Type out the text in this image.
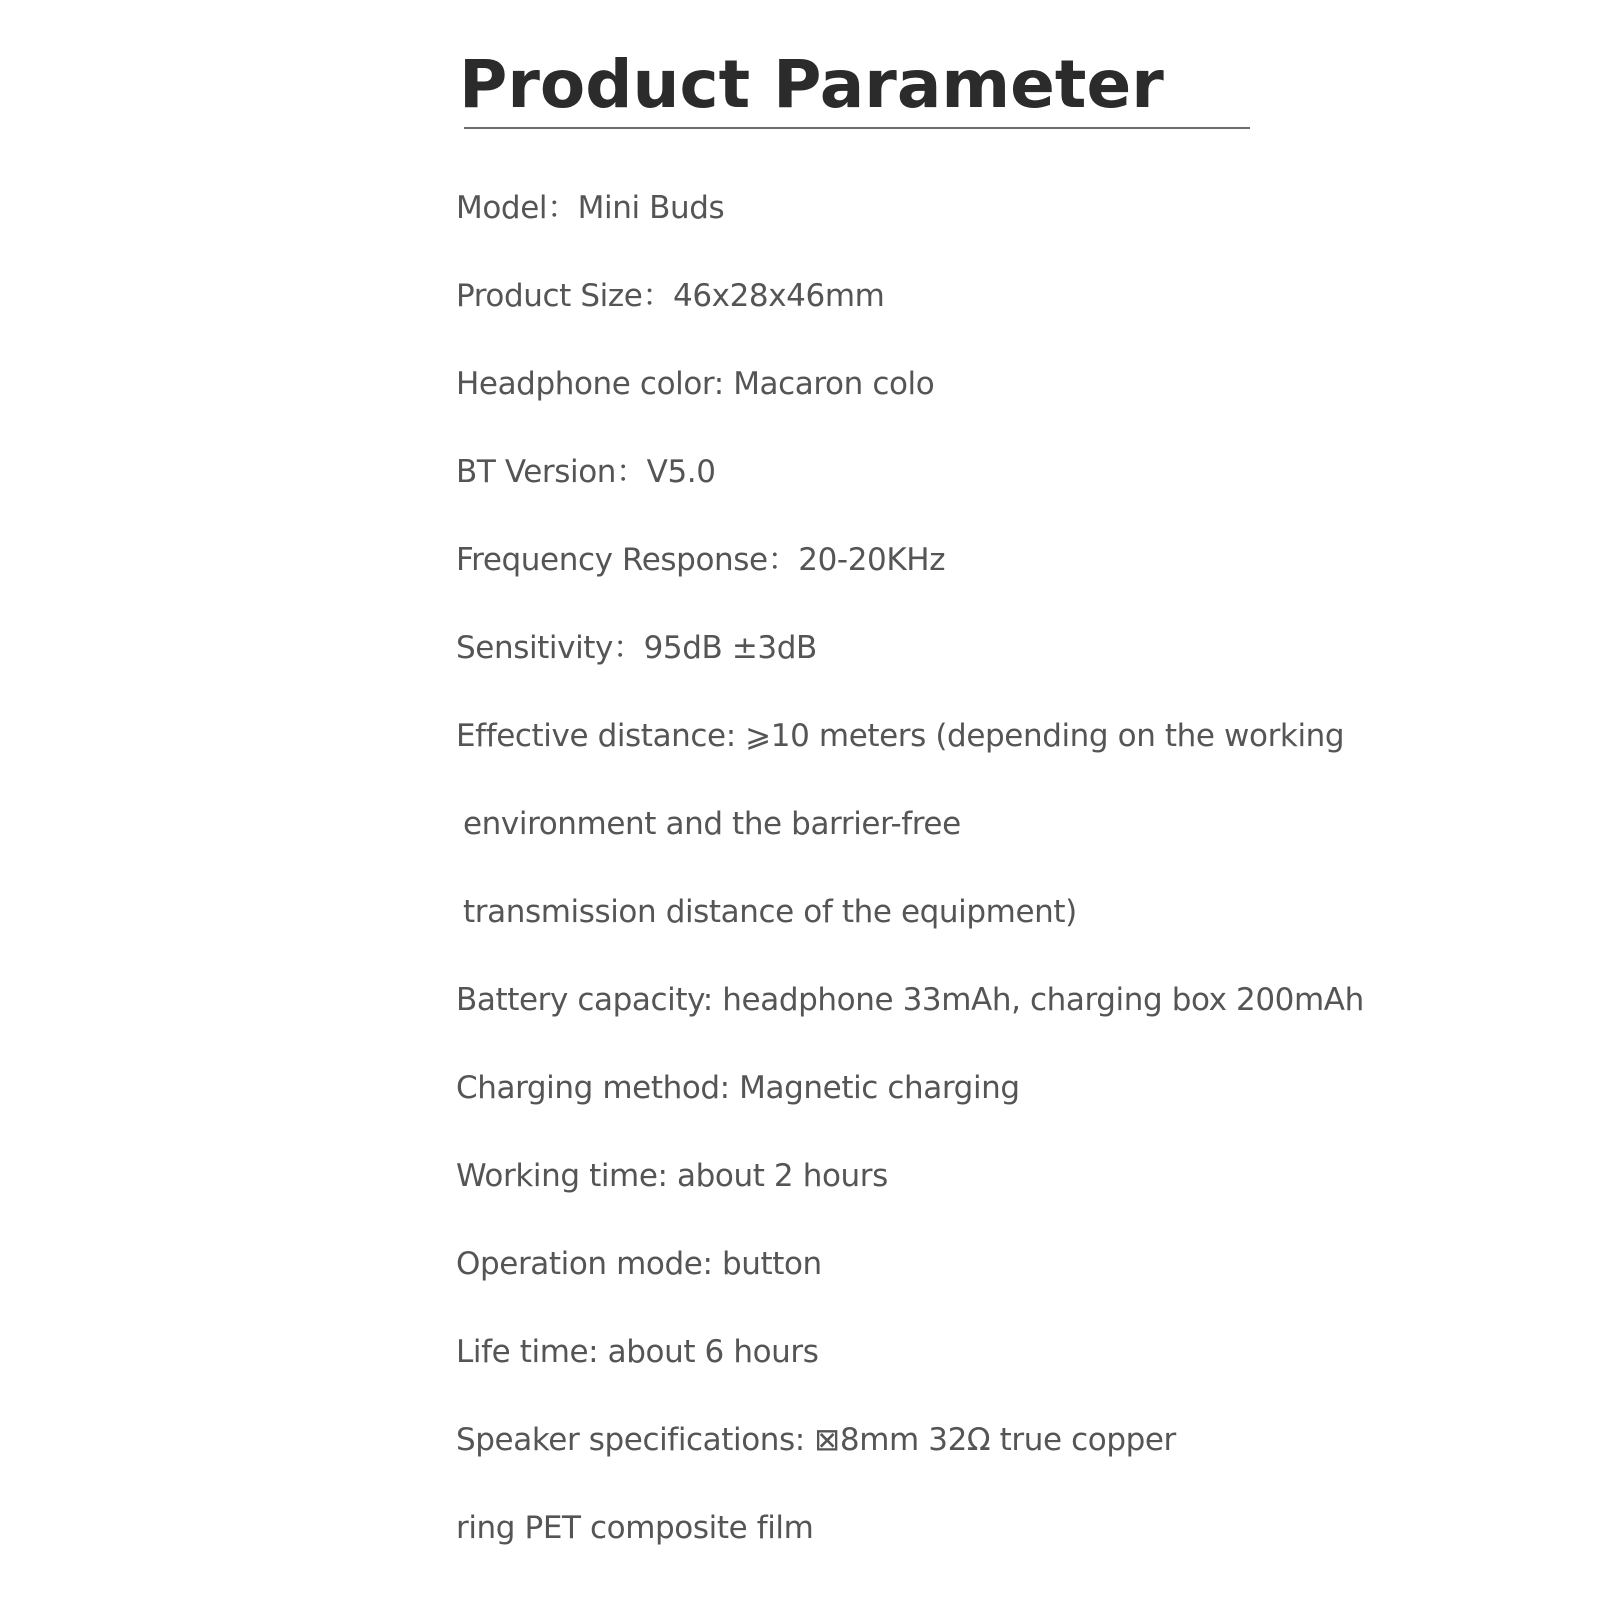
Product Parameter
Model：Mini Buds
Product Size：46x28x46mm
Headphone color: Macaron colo
BT Version：V5.0
Frequency Response：20-20KHz
Sensitivity：95dB ±3dB
Effective distance: ⩾10 meters (depending on the working
environment and the barrier-free
transmission distance of the equipment)
Battery capacity: headphone 33mAh, charging box 200mAh
Charging method: Magnetic charging
Working time: about 2 hours
Operation mode: button
Life time: about 6 hours
Speaker specifications: ⊠8mm 32Ω true copper
ring PET composite film
